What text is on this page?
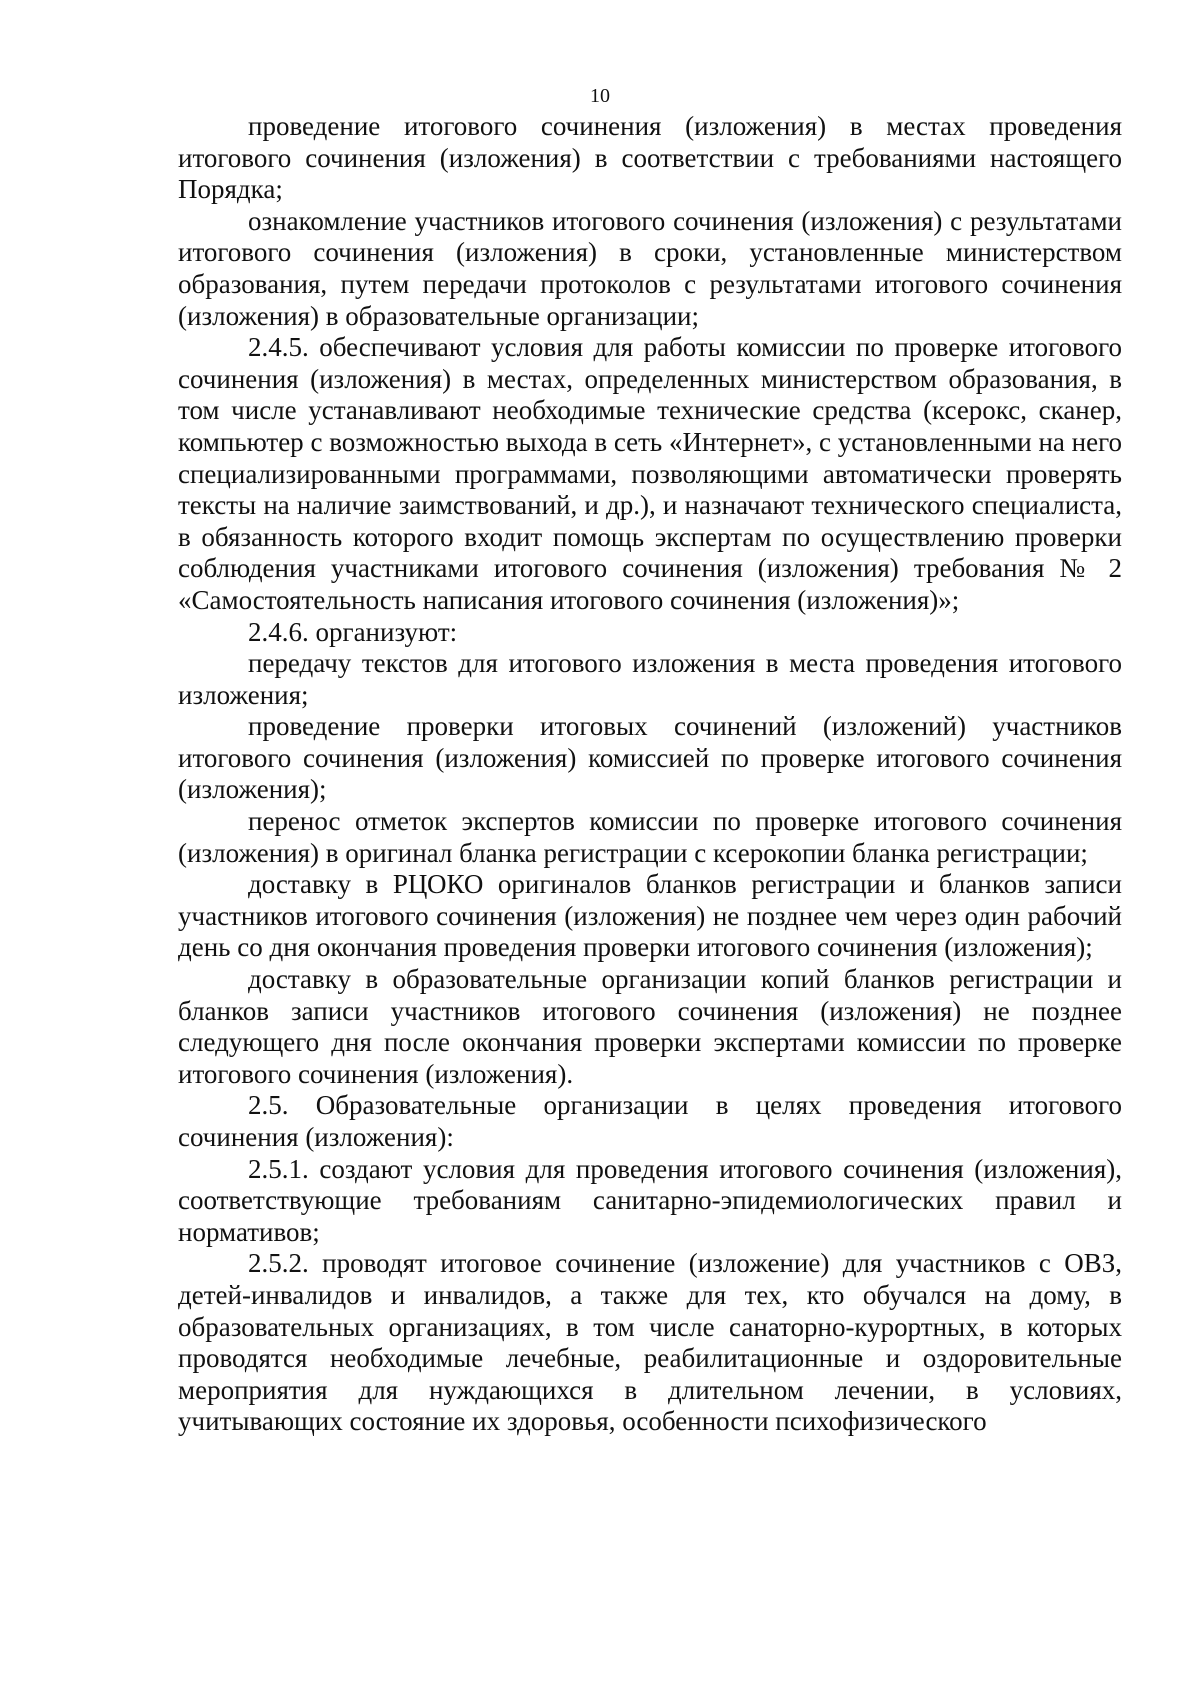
10

проведение итогового сочинения (изложения) в местах проведения итогового сочинения (изложения) в соответствии с требованиями настоящего Порядка;

ознакомление участников итогового сочинения (изложения) с результатами итогового сочинения (изложения) в сроки, установленные министерством образования, путем передачи протоколов с результатами итогового сочинения (изложения) в образовательные организации;

2.4.5. обеспечивают условия для работы комиссии по проверке итогового сочинения (изложения) в местах, определенных министерством образования, в том числе устанавливают необходимые технические средства (ксерокс, сканер, компьютер с возможностью выхода в сеть «Интернет», с установленными на него специализированными программами, позволяющими автоматически проверять тексты на наличие заимствований, и др.), и назначают технического специалиста, в обязанность которого входит помощь экспертам по осуществлению проверки соблюдения участниками итогового сочинения (изложения) требования № 2 «Самостоятельность написания итогового сочинения (изложения)»;

2.4.6. организуют:

передачу текстов для итогового изложения в места проведения итогового изложения;

проведение проверки итоговых сочинений (изложений) участников итогового сочинения (изложения) комиссией по проверке итогового сочинения (изложения);

перенос отметок экспертов комиссии по проверке итогового сочинения (изложения) в оригинал бланка регистрации с ксерокопии бланка регистрации;

доставку в РЦОКО оригиналов бланков регистрации и бланков записи участников итогового сочинения (изложения) не позднее чем через один рабочий день со дня окончания проведения проверки итогового сочинения (изложения);

доставку в образовательные организации копий бланков регистрации и бланков записи участников итогового сочинения (изложения) не позднее следующего дня после окончания проверки экспертами комиссии по проверке итогового сочинения (изложения).

2.5. Образовательные организации в целях проведения итогового сочинения (изложения):

2.5.1. создают условия для проведения итогового сочинения (изложения), соответствующие требованиям санитарно-эпидемиологических правил и нормативов;

2.5.2. проводят итоговое сочинение (изложение) для участников с ОВЗ, детей-инвалидов и инвалидов, а также для тех, кто обучался на дому, в образовательных организациях, в том числе санаторно-курортных, в которых проводятся необходимые лечебные, реабилитационные и оздоровительные мероприятия для нуждающихся в длительном лечении, в условиях, учитывающих состояние их здоровья, особенности психофизического
